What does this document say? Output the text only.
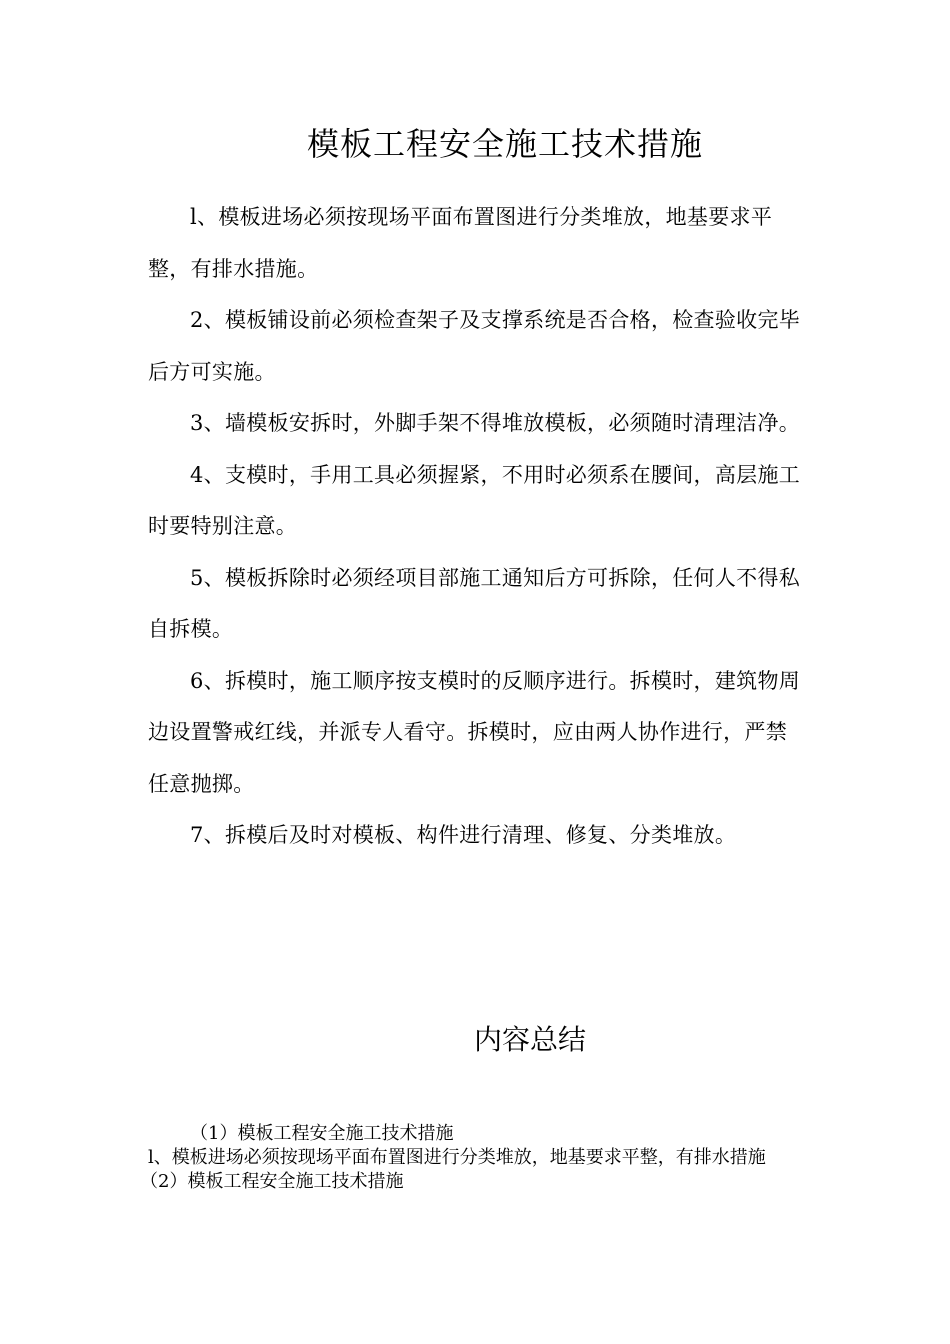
模板工程安全施工技术措施

l、模板进场必须按现场平面布置图进行分类堆放，地基要求平整，有排水措施。

2、模板铺设前必须检查架子及支撑系统是否合格，检查验收完毕后方可实施。

3、墙模板安拆时，外脚手架不得堆放模板，必须随时清理洁净。

4、支模时，手用工具必须握紧，不用时必须系在腰间，高层施工时要特别注意。

5、模板拆除时必须经项目部施工通知后方可拆除，任何人不得私自拆模。

6、拆模时，施工顺序按支模时的反顺序进行。拆模时，建筑物周边设置警戒红线，并派专人看守。拆模时，应由两人协作进行，严禁任意抛掷。

7、拆模后及时对模板、构件进行清理、修复、分类堆放。

内容总结

（1）模板工程安全施工技术措施

l、模板进场必须按现场平面布置图进行分类堆放，地基要求平整，有排水措施

（2）模板工程安全施工技术措施
